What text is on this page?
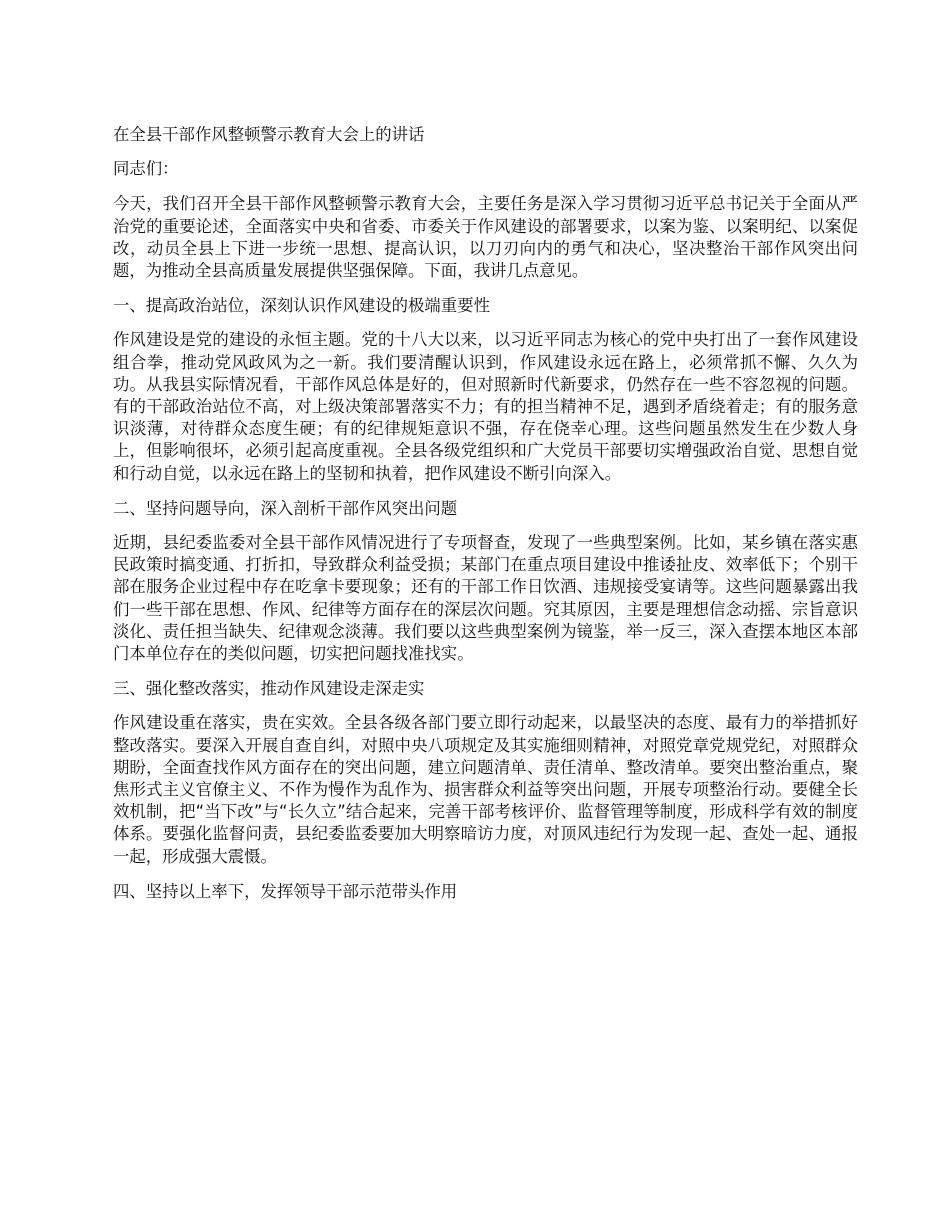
在全县干部作风整顿警示教育大会上的讲话

同志们：

今天，我们召开全县干部作风整顿警示教育大会，主要任务是深入学习贯彻习近平总书记关于全面从严治党的重要论述，全面落实中央和省委、市委关于作风建设的部署要求，以案为鉴、以案明纪、以案促改，动员全县上下进一步统一思想、提高认识，以刀刃向内的勇气和决心，坚决整治干部作风突出问题，为推动全县高质量发展提供坚强保障。下面，我讲几点意见。

一、提高政治站位，深刻认识作风建设的极端重要性

作风建设是党的建设的永恒主题。党的十八大以来，以习近平同志为核心的党中央打出了一套作风建设组合拳，推动党风政风为之一新。我们要清醒认识到，作风建设永远在路上，必须常抓不懈、久久为功。从我县实际情况看，干部作风总体是好的，但对照新时代新要求，仍然存在一些不容忽视的问题。有的干部政治站位不高，对上级决策部署落实不力；有的担当精神不足，遇到矛盾绕着走；有的服务意识淡薄，对待群众态度生硬；有的纪律规矩意识不强，存在侥幸心理。这些问题虽然发生在少数人身上，但影响很坏，必须引起高度重视。全县各级党组织和广大党员干部要切实增强政治自觉、思想自觉和行动自觉，以永远在路上的坚韧和执着，把作风建设不断引向深入。

二、坚持问题导向，深入剖析干部作风突出问题

近期，县纪委监委对全县干部作风情况进行了专项督查，发现了一些典型案例。比如，某乡镇在落实惠民政策时搞变通、打折扣，导致群众利益受损；某部门在重点项目建设中推诿扯皮、效率低下；个别干部在服务企业过程中存在吃拿卡要现象；还有的干部工作日饮酒、违规接受宴请等。这些问题暴露出我们一些干部在思想、作风、纪律等方面存在的深层次问题。究其原因，主要是理想信念动摇、宗旨意识淡化、责任担当缺失、纪律观念淡薄。我们要以这些典型案例为镜鉴，举一反三，深入查摆本地区本部门本单位存在的类似问题，切实把问题找准找实。

三、强化整改落实，推动作风建设走深走实

作风建设重在落实，贵在实效。全县各级各部门要立即行动起来，以最坚决的态度、最有力的举措抓好整改落实。要深入开展自查自纠，对照中央八项规定及其实施细则精神，对照党章党规党纪，对照群众期盼，全面查找作风方面存在的突出问题，建立问题清单、责任清单、整改清单。要突出整治重点，聚焦形式主义官僚主义、不作为慢作为乱作为、损害群众利益等突出问题，开展专项整治行动。要健全长效机制，把“当下改”与“长久立”结合起来，完善干部考核评价、监督管理等制度，形成科学有效的制度体系。要强化监督问责，县纪委监委要加大明察暗访力度，对顶风违纪行为发现一起、查处一起、通报一起，形成强大震慑。

四、坚持以上率下，发挥领导干部示范带头作用
